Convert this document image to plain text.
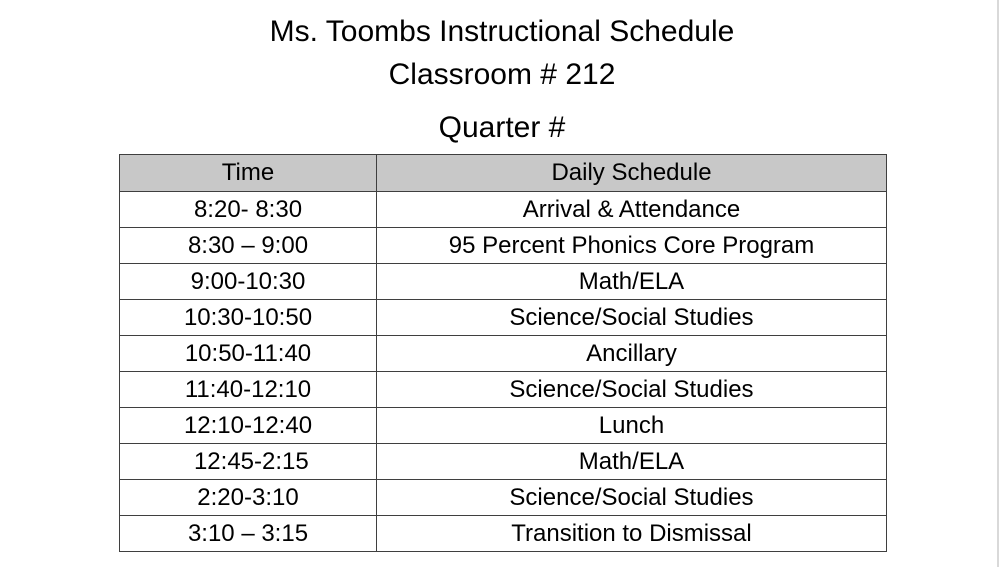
Ms. Toombs Instructional Schedule
Classroom # 212
Quarter #
Time	Daily Schedule
8:20- 8:30	Arrival & Attendance
8:30 – 9:00	95 Percent Phonics Core Program
9:00-10:30	Math/ELA
10:30-10:50	Science/Social Studies
10:50-11:40	Ancillary
11:40-12:10	Science/Social Studies
12:10-12:40	Lunch
12:45-2:15	Math/ELA
2:20-3:10	Science/Social Studies
3:10 – 3:15	Transition to Dismissal
